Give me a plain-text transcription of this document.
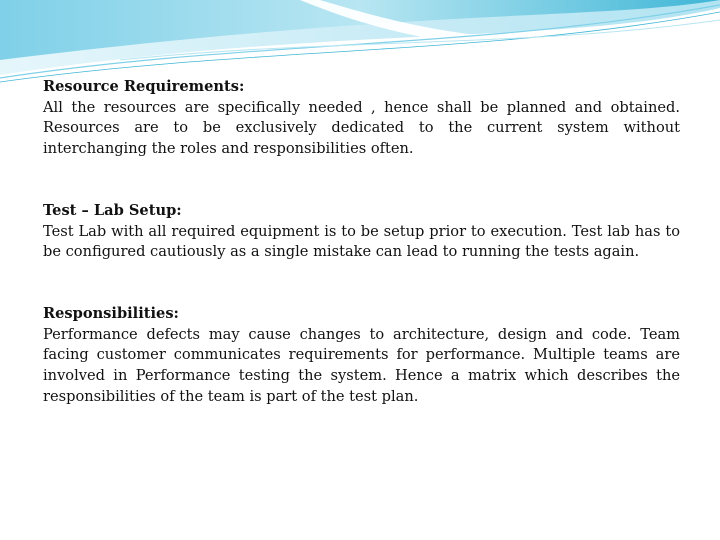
Resource Requirements:
All the resources are specifically needed , hence shall be planned and obtained. Resources are to be exclusively dedicated to the current system without interchanging the roles and responsibilities often.

Test – Lab Setup:
Test Lab with all required equipment is to be setup prior to execution. Test lab has to be configured cautiously as a single mistake can lead to running the tests again.

Responsibilities:
Performance defects may cause changes to architecture, design and code. Team facing customer communicates requirements for performance. Multiple teams are involved in Performance testing the system. Hence a matrix which describes the responsibilities of the team is part of the test plan.
